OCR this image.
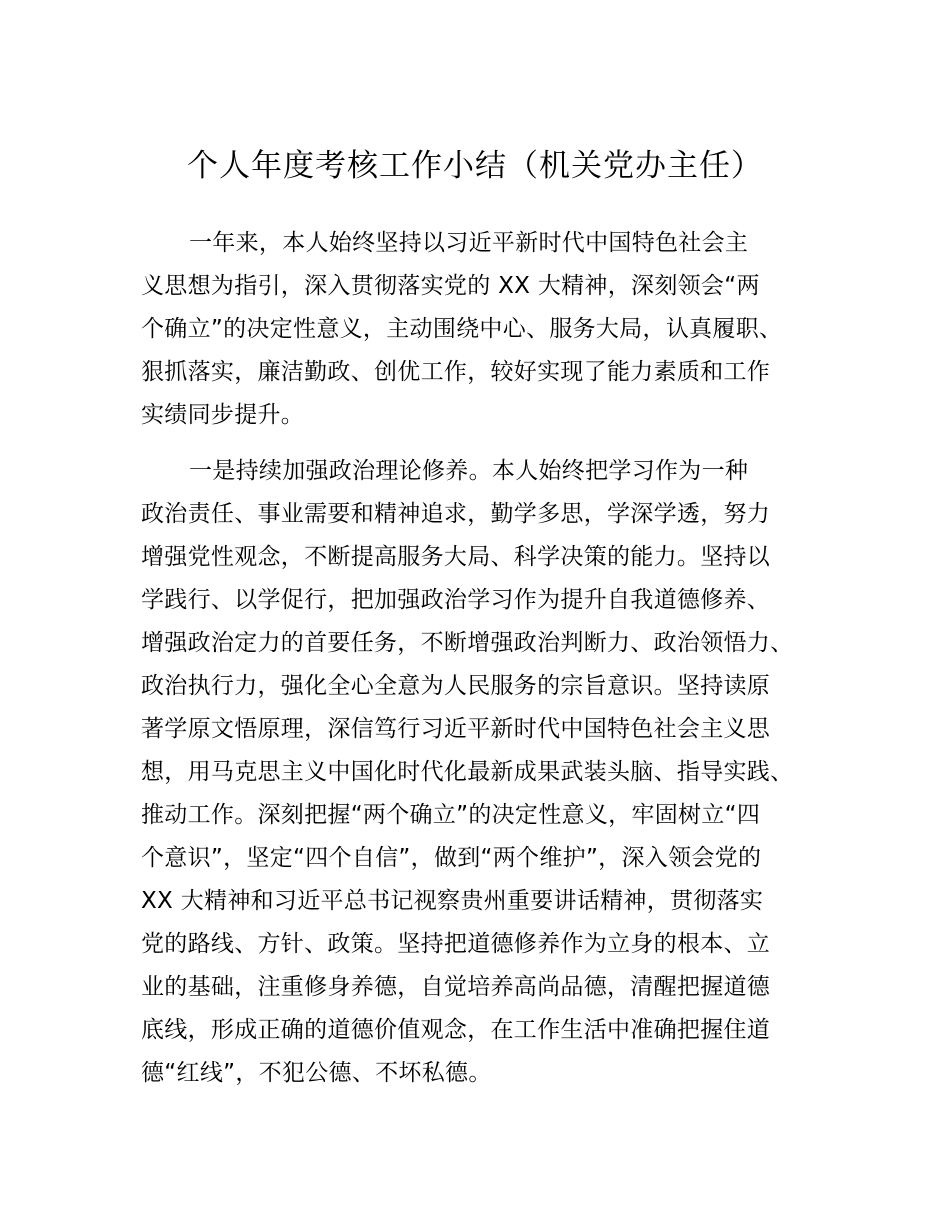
个人年度考核工作小结（机关党办主任）
一年来，本人始终坚持以习近平新时代中国特色社会主
义思想为指引，深入贯彻落实党的 XX 大精神，深刻领会“两
个确立”的决定性意义，主动围绕中心、服务大局，认真履职、
狠抓落实，廉洁勤政、创优工作，较好实现了能力素质和工作
实绩同步提升。
一是持续加强政治理论修养。本人始终把学习作为一种
政治责任、事业需要和精神追求，勤学多思，学深学透，努力
增强党性观念，不断提高服务大局、科学决策的能力。坚持以
学践行、以学促行，把加强政治学习作为提升自我道德修养、
增强政治定力的首要任务，不断增强政治判断力、政治领悟力、
政治执行力，强化全心全意为人民服务的宗旨意识。坚持读原
著学原文悟原理，深信笃行习近平新时代中国特色社会主义思
想，用马克思主义中国化时代化最新成果武装头脑、指导实践、
推动工作。深刻把握“两个确立”的决定性意义，牢固树立“四
个意识”，坚定“四个自信”，做到“两个维护”，深入领会党的
XX 大精神和习近平总书记视察贵州重要讲话精神，贯彻落实
党的路线、方针、政策。坚持把道德修养作为立身的根本、立
业的基础，注重修身养德，自觉培养高尚品德，清醒把握道德
底线，形成正确的道德价值观念，在工作生活中准确把握住道
德“红线”，不犯公德、不坏私德。
